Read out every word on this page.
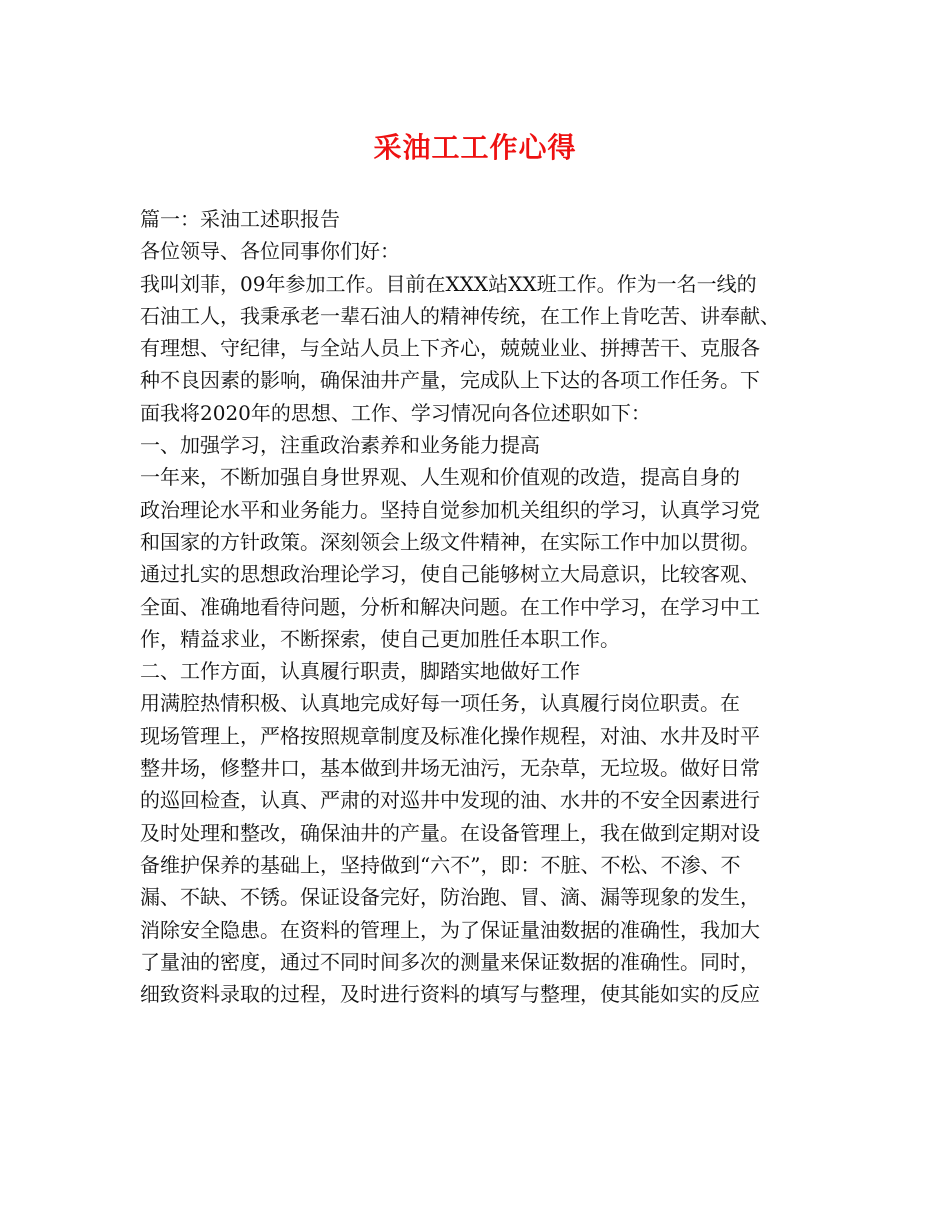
采油工工作心得
篇一：采油工述职报告
各位领导、各位同事你们好：
我叫刘菲，09年参加工作。目前在XXX站XX班工作。作为一名一线的
石油工人，我秉承老一辈石油人的精神传统，在工作上肯吃苦、讲奉献、
有理想、守纪律，与全站人员上下齐心，兢兢业业、拼搏苦干、克服各
种不良因素的影响，确保油井产量，完成队上下达的各项工作任务。下
面我将2020年的思想、工作、学习情况向各位述职如下：
一、加强学习，注重政治素养和业务能力提高
一年来，不断加强自身世界观、人生观和价值观的改造，提高自身的
政治理论水平和业务能力。坚持自觉参加机关组织的学习，认真学习党
和国家的方针政策。深刻领会上级文件精神，在实际工作中加以贯彻。
通过扎实的思想政治理论学习，使自己能够树立大局意识，比较客观、
全面、准确地看待问题，分析和解决问题。在工作中学习，在学习中工
作，精益求业，不断探索，使自己更加胜任本职工作。
二、工作方面，认真履行职责，脚踏实地做好工作
用满腔热情积极、认真地完成好每一项任务，认真履行岗位职责。在
现场管理上，严格按照规章制度及标准化操作规程，对油、水井及时平
整井场，修整井口，基本做到井场无油污，无杂草，无垃圾。做好日常
的巡回检查，认真、严肃的对巡井中发现的油、水井的不安全因素进行
及时处理和整改，确保油井的产量。在设备管理上，我在做到定期对设
备维护保养的基础上，坚持做到“六不”，即：不脏、不松、不渗、不
漏、不缺、不锈。保证设备完好，防治跑、冒、滴、漏等现象的发生，
消除安全隐患。在资料的管理上，为了保证量油数据的准确性，我加大
了量油的密度，通过不同时间多次的测量来保证数据的准确性。同时，
细致资料录取的过程，及时进行资料的填写与整理，使其能如实的反应
